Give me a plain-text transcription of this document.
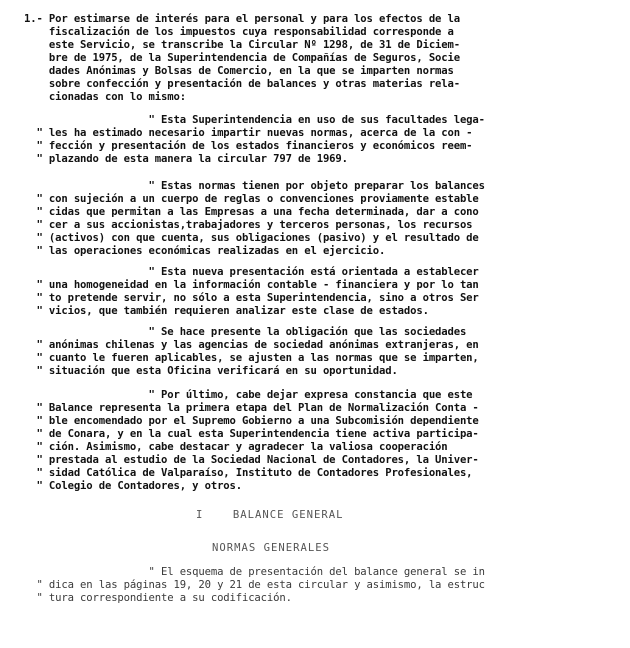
1.- Por estimarse de interés para el personal y para los efectos de la
fiscalización de los impuestos cuya responsabilidad corresponde a
este Servicio, se transcribe la Circular Nº 1298, de 31 de Diciem-
bre de 1975, de la Superintendencia de Compañías de Seguros, Socie
dades Anónimas y Bolsas de Comercio, en la que se imparten normas
sobre confección y presentación de balances y otras materias rela-
cionadas con lo mismo:
" Esta Superintendencia en uso de sus facultades lega-
" les ha estimado necesario impartir nuevas normas, acerca de la con -
" fección y presentación de los estados financieros y económicos reem-
" plazando de esta manera la circular 797 de 1969.
" Estas normas tienen por objeto preparar los balances
" con sujeción a un cuerpo de reglas o convenciones proviamente estable
" cidas que permitan a las Empresas a una fecha determinada, dar a cono
" cer a sus accionistas,trabajadores y terceros personas, los recursos
" (activos) con que cuenta, sus obligaciones (pasivo) y el resultado de
" las operaciones económicas realizadas en el ejercicio.
" Esta nueva presentación está orientada a establecer
" una homogeneidad en la información contable - financiera y por lo tan
" to pretende servir, no sólo a esta Superintendencia, sino a otros Ser
" vicios, que también requieren analizar este clase de estados.
" Se hace presente la obligación que las sociedades
" anónimas chilenas y las agencias de sociedad anónimas extranjeras, en
" cuanto le fueren aplicables, se ajusten a las normas que se imparten,
" situación que esta Oficina verificará en su oportunidad.
" Por último, cabe dejar expresa constancia que este
" Balance representa la primera etapa del Plan de Normalización Conta -
" ble encomendado por el Supremo Gobierno a una Subcomisión dependiente
" de Conara, y en la cual esta Superintendencia tiene activa participa-
" ción. Asimismo, cabe destacar y agradecer la valiosa cooperación
" prestada al estudio de la Sociedad Nacional de Contadores, la Univer-
" sidad Católica de Valparaíso, Instituto de Contadores Profesionales,
" Colegio de Contadores, y otros.
I    BALANCE GENERAL
NORMAS GENERALES
" El esquema de presentación del balance general se in
" dica en las páginas 19, 20 y 21 de esta circular y asimismo, la estruc
" tura correspondiente a su codificación.
